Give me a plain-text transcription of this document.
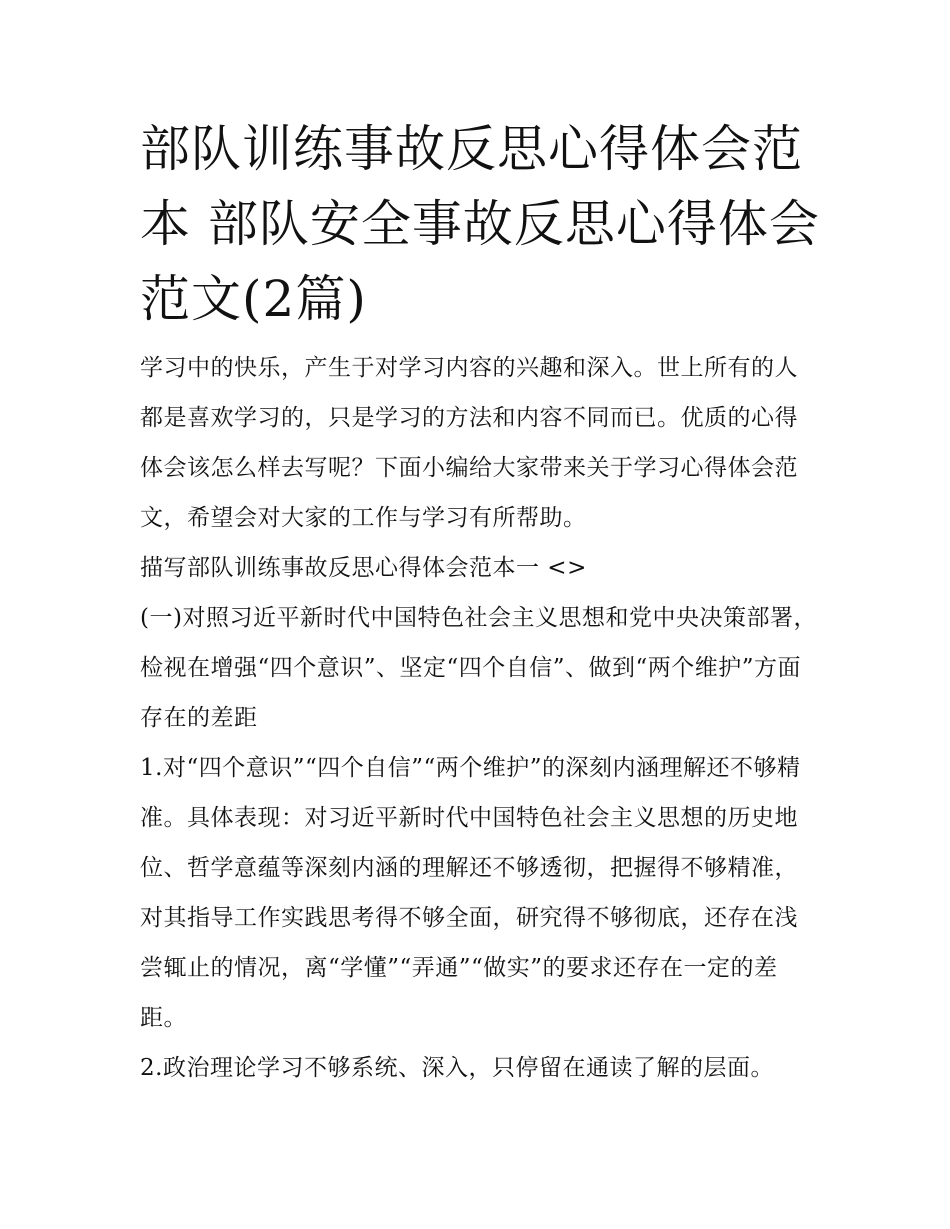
部队训练事故反思心得体会范本 部队安全事故反思心得体会范文(2篇)

学习中的快乐，产生于对学习内容的兴趣和深入。世上所有的人都是喜欢学习的，只是学习的方法和内容不同而已。优质的心得体会该怎么样去写呢？下面小编给大家带来关于学习心得体会范文，希望会对大家的工作与学习有所帮助。

描写部队训练事故反思心得体会范本一 <>

(一)对照习近平新时代中国特色社会主义思想和党中央决策部署，检视在增强“四个意识”、坚定“四个自信”、做到“两个维护”方面存在的差距

1.对“四个意识”“四个自信”“两个维护”的深刻内涵理解还不够精准。具体表现：对习近平新时代中国特色社会主义思想的历史地位、哲学意蕴等深刻内涵的理解还不够透彻，把握得不够精准，对其指导工作实践思考得不够全面，研究得不够彻底，还存在浅尝辄止的情况，离“学懂”“弄通”“做实”的要求还存在一定的差距。

2.政治理论学习不够系统、深入，只停留在通读了解的层面。
